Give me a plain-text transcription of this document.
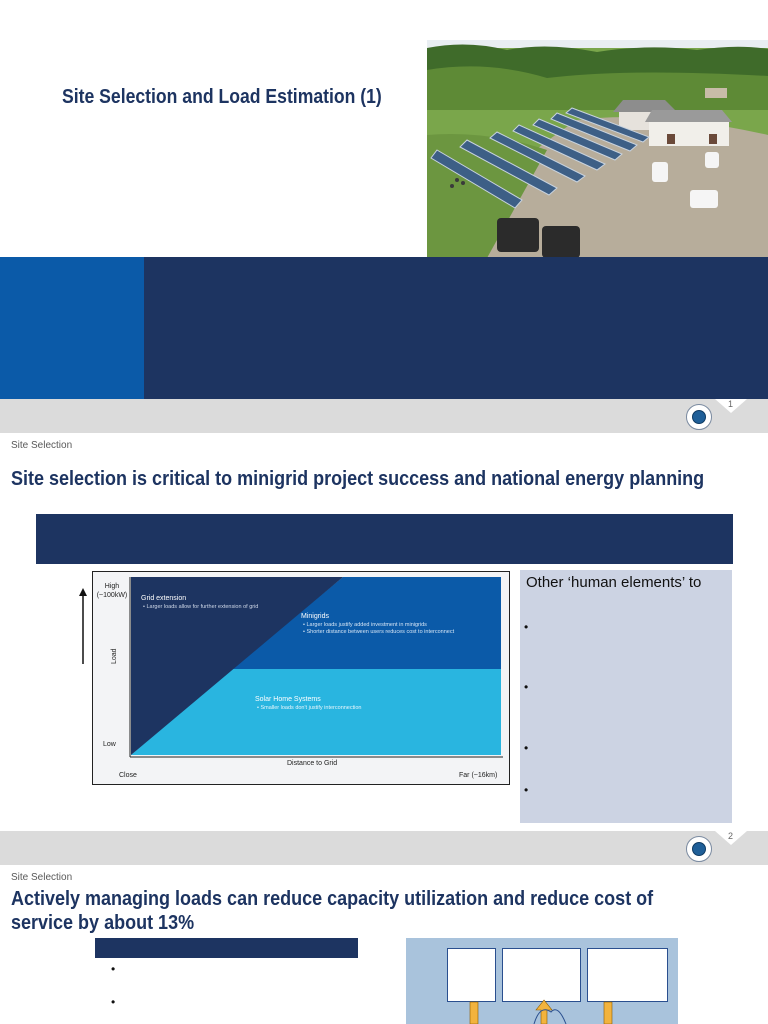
Site Selection and Load Estimation (1)
1
Site Selection
Site selection is critical to minigrid project success and national energy planning
High (~100kW)
Low
Load
Close	Far (~16km)
Distance to Grid
Grid extension
• Larger loads allow for further extension of grid
Minigrids
• Larger loads justify added investment in minigrids
• Shorter distance between users reduces cost to interconnect
Solar Home Systems
• Smaller loads don't justify interconnection
Other ‘human elements’ to
•
•
•
•
2
Site Selection
Actively managing loads can reduce capacity utilization and reduce cost of service by about 13%
•
•
